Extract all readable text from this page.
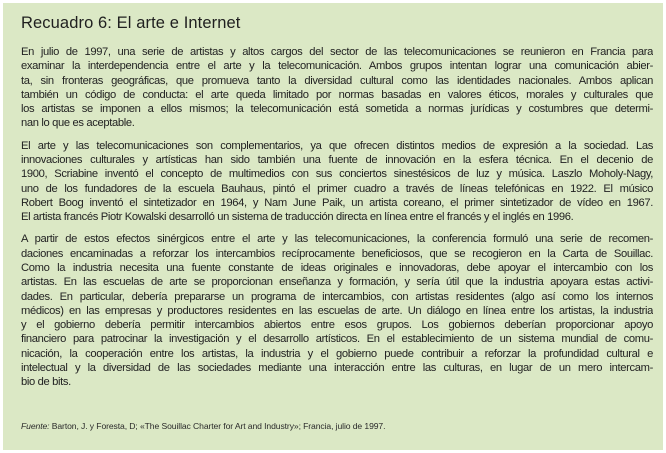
Recuadro 6: El arte e Internet
En julio de 1997, una serie de artistas y altos cargos del sector de las telecomunicaciones se reunieron en Francia para
examinar la interdependencia entre el arte y la telecomunicación. Ambos grupos intentan lograr una comunicación abier-
ta, sin fronteras geográficas, que promueva tanto la diversidad cultural como las identidades nacionales. Ambos aplican
también un código de conducta: el arte queda limitado por normas basadas en valores éticos, morales y culturales que
los artistas se imponen a ellos mismos; la telecomunicación está sometida a normas jurídicas y costumbres que determi-
nan lo que es aceptable.
El arte y las telecomunicaciones son complementarios, ya que ofrecen distintos medios de expresión a la sociedad. Las
innovaciones culturales y artísticas han sido también una fuente de innovación en la esfera técnica. En el decenio de
1900, Scriabine inventó el concepto de multimedios con sus conciertos sinestésicos de luz y música. Laszlo Moholy-Nagy,
uno de los fundadores de la escuela Bauhaus, pintó el primer cuadro a través de líneas telefónicas en 1922. El músico
Robert Boog inventó el sintetizador en 1964, y Nam June Paik, un artista coreano, el primer sintetizador de vídeo en 1967.
El artista francés Piotr Kowalski desarrolló un sistema de traducción directa en línea entre el francés y el inglés en 1996.
A partir de estos efectos sinérgicos entre el arte y las telecomunicaciones, la conferencia formuló una serie de recomen-
daciones encaminadas a reforzar los intercambios recíprocamente beneficiosos, que se recogieron en la Carta de Souillac.
Como la industria necesita una fuente constante de ideas originales e innovadoras, debe apoyar el intercambio con los
artistas. En las escuelas de arte se proporcionan enseñanza y formación, y sería útil que la industria apoyara estas activi-
dades. En particular, debería prepararse un programa de intercambios, con artistas residentes (algo así como los internos
médicos) en las empresas y productores residentes en las escuelas de arte. Un diálogo en línea entre los artistas, la industria
y el gobierno debería permitir intercambios abiertos entre esos grupos. Los gobiernos deberían proporcionar apoyo
financiero para patrocinar la investigación y el desarrollo artísticos. En el establecimiento de un sistema mundial de comu-
nicación, la cooperación entre los artistas, la industria y el gobierno puede contribuir a reforzar la profundidad cultural e
intelectual y la diversidad de las sociedades mediante una interacción entre las culturas, en lugar de un mero intercam-
bio de bits.
Fuente: Barton, J. y Foresta, D; «The Souillac Charter for Art and Industry»; Francia, julio de 1997.
